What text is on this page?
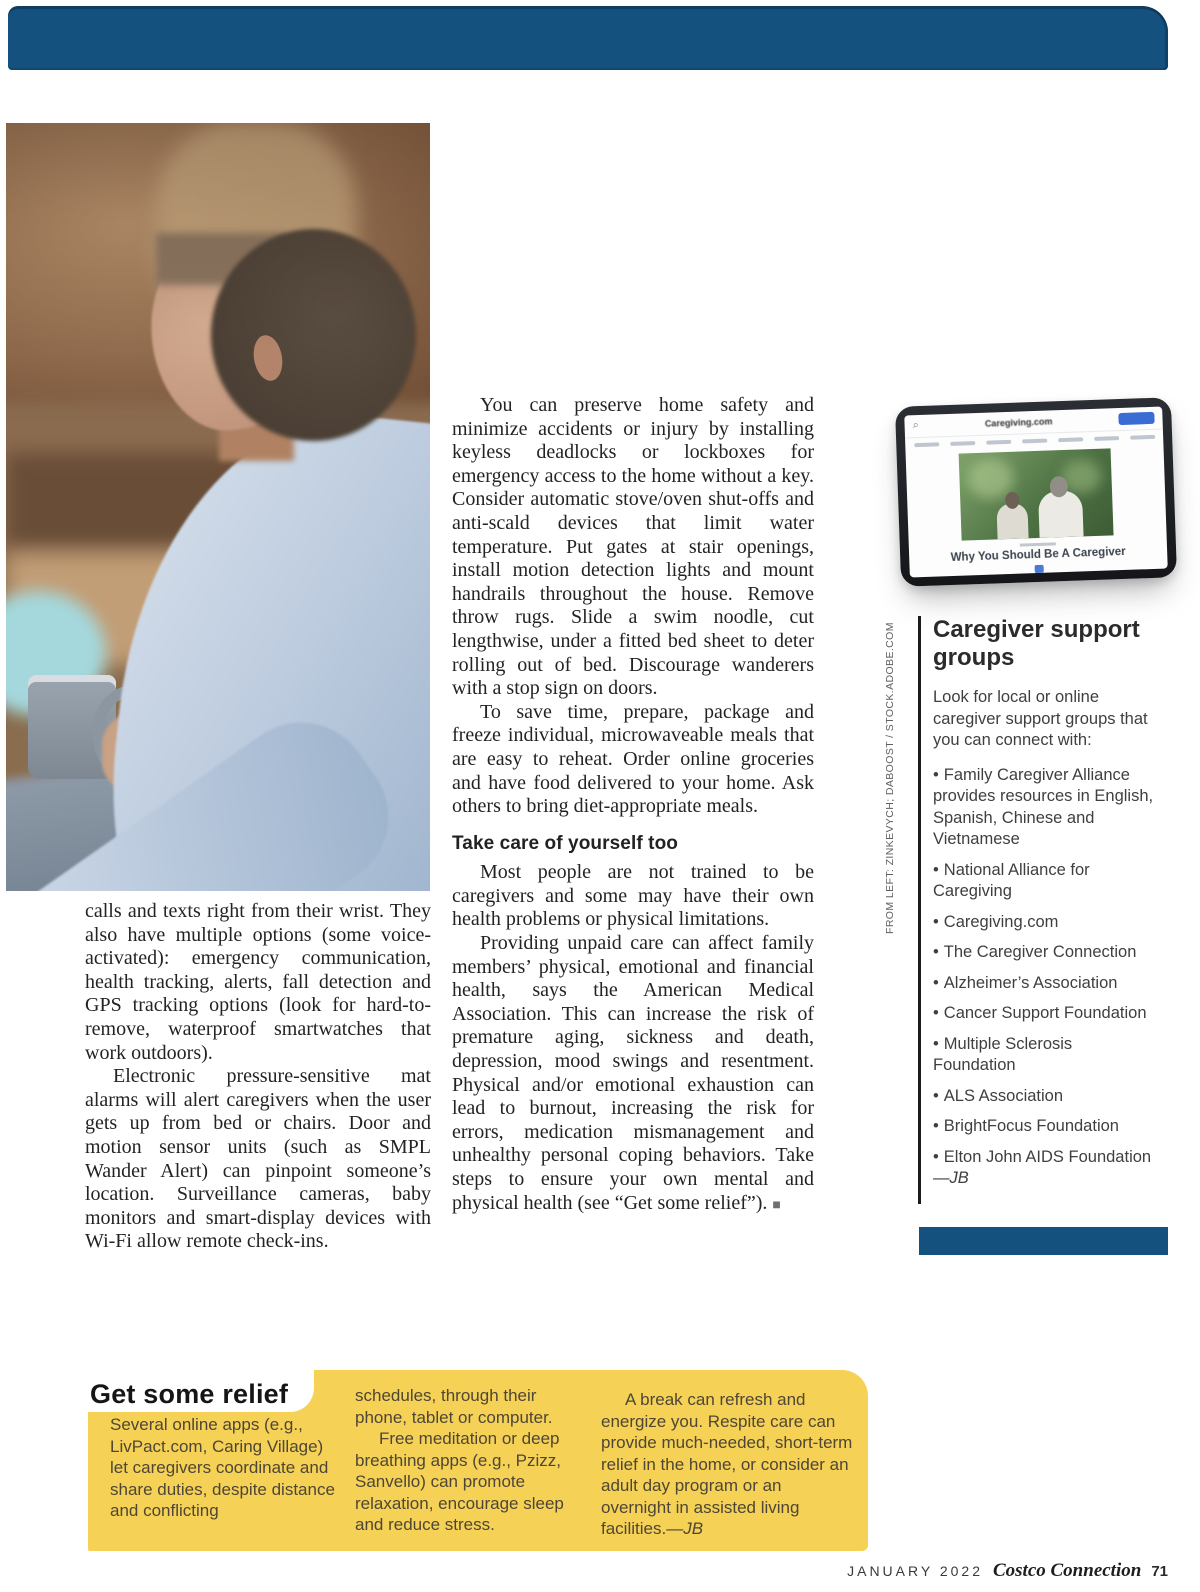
calls and texts right from their wrist. They also have multiple options (some voice-activated): emergency communication, health tracking, alerts, fall detection and GPS tracking options (look for hard-to-remove, waterproof smartwatches that work outdoors).

Electronic pressure-sensitive mat alarms will alert caregivers when the user gets up from bed or chairs. Door and motion sensor units (such as SMPL Wander Alert) can pinpoint someone’s location. Surveillance cameras, baby monitors and smart-display devices with Wi-Fi allow remote check-ins.

You can preserve home safety and minimize accidents or injury by installing keyless deadlocks or lockboxes for emergency access to the home without a key. Consider automatic stove/oven shut-offs and anti-scald devices that limit water temperature. Put gates at stair openings, install motion detection lights and mount handrails throughout the house. Remove throw rugs. Slide a swim noodle, cut lengthwise, under a fitted bed sheet to deter rolling out of bed. Discourage wanderers with a stop sign on doors.

To save time, prepare, package and freeze individual, microwaveable meals that are easy to reheat. Order online groceries and have food delivered to your home. Ask others to bring diet-appropriate meals.

Take care of yourself too

Most people are not trained to be caregivers and some may have their own health problems or physical limitations.

Providing unpaid care can affect family members’ physical, emotional and financial health, says the American Medical Association. This can increase the risk of premature aging, sickness and death, depression, mood swings and resentment. Physical and/or emotional exhaustion can lead to burnout, increasing the risk for errors, medication mismanagement and unhealthy personal coping behaviors. Take steps to ensure your own mental and physical health (see “Get some relief”). ■

⌕	Caregiving.com
Why You Should Be A Caregiver
FROM LEFT: ZINKEVYCH; DABOOST / STOCK.ADOBE.COM Caregiver support groups

Look for local or online caregiver support groups that you can connect with:

• Family Caregiver Alliance provides resources in English, Spanish, Chinese and Vietnamese
• National Alliance for Caregiving
• Caregiving.com
• The Caregiver Connection
• Alzheimer’s Association
• Cancer Support Foundation
• Multiple Sclerosis Foundation
• ALS Association
• BrightFocus Foundation
• Elton John AIDS Foundation—JB
Get some relief

Several online apps (e.g., LivPact.com, Caring Village) let caregivers coordinate and share duties, despite distance and conflicting

schedules, through their phone, tablet or computer.

Free meditation or deep breathing apps (e.g., Pzizz, Sanvello) can promote relaxation, encourage sleep and reduce stress.

A break can refresh and energize you. Respite care can provide much-needed, short-term relief in the home, or consider an adult day program or an overnight in assisted living facilities.—JB

JANUARY 2022 Costco Connection 71
